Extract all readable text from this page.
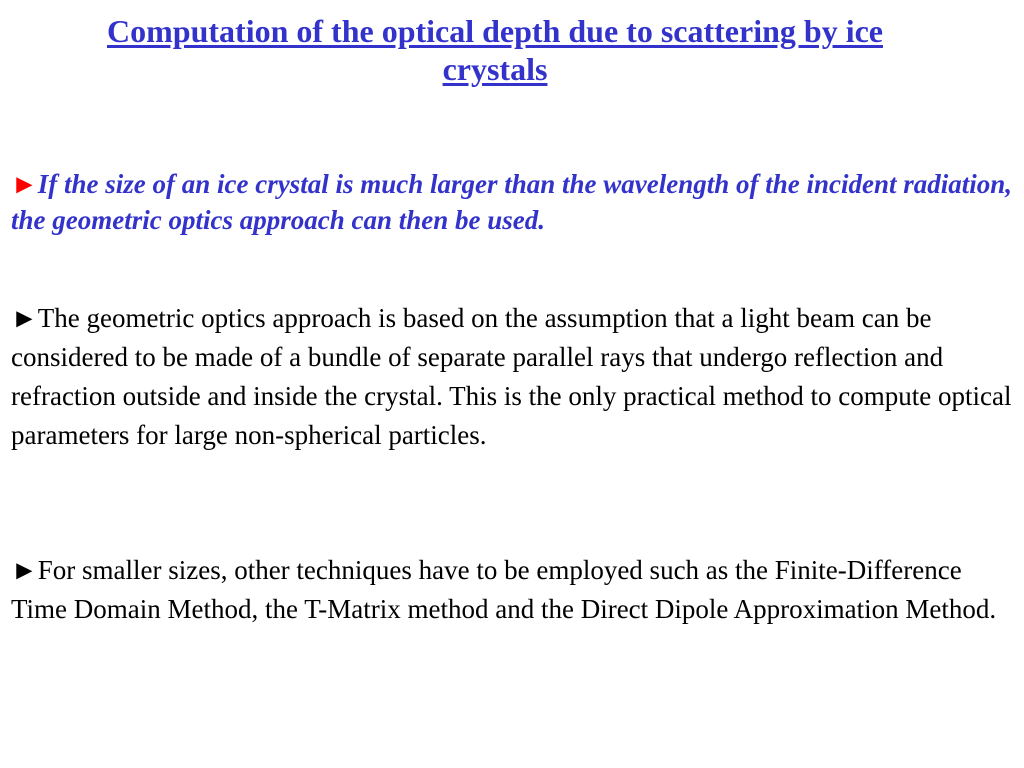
Computation of the optical depth due to scattering by ice crystals

►If the size of an ice crystal is much larger than the wavelength of the incident radiation, the geometric optics approach can then be used.

►The geometric optics approach is based on the assumption that a light beam can be considered to be made of a bundle of separate parallel rays that undergo reflection and refraction outside and inside the crystal. This is the only practical method to compute optical parameters for large non-spherical particles.

►For smaller sizes, other techniques have to be employed such as the Finite-Difference Time Domain Method, the T-Matrix method and the Direct Dipole Approximation Method.
